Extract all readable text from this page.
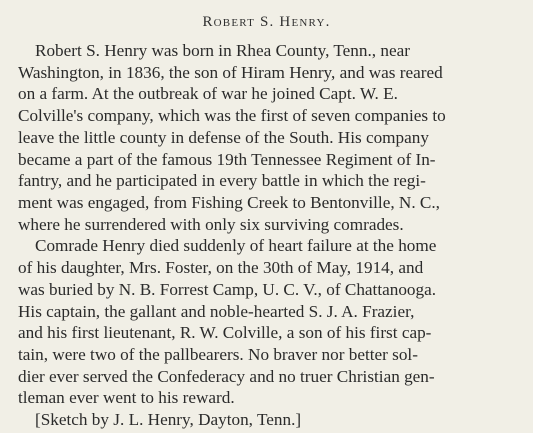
Robert S. Henry.
Robert S. Henry was born in Rhea County, Tenn., near
Washington, in 1836, the son of Hiram Henry, and was reared
on a farm. At the outbreak of war he joined Capt. W. E.
Colville's company, which was the first of seven companies to
leave the little county in defense of the South. His company
became a part of the famous 19th Tennessee Regiment of In-
fantry, and he participated in every battle in which the regi-
ment was engaged, from Fishing Creek to Bentonville, N. C.,
where he surrendered with only six surviving comrades.
Comrade Henry died suddenly of heart failure at the home
of his daughter, Mrs. Foster, on the 30th of May, 1914, and
was buried by N. B. Forrest Camp, U. C. V., of Chattanooga.
His captain, the gallant and noble-hearted S. J. A. Frazier,
and his first lieutenant, R. W. Colville, a son of his first cap-
tain, were two of the pallbearers. No braver nor better sol-
dier ever served the Confederacy and no truer Christian gen-
tleman ever went to his reward.
[Sketch by J. L. Henry, Dayton, Tenn.]
